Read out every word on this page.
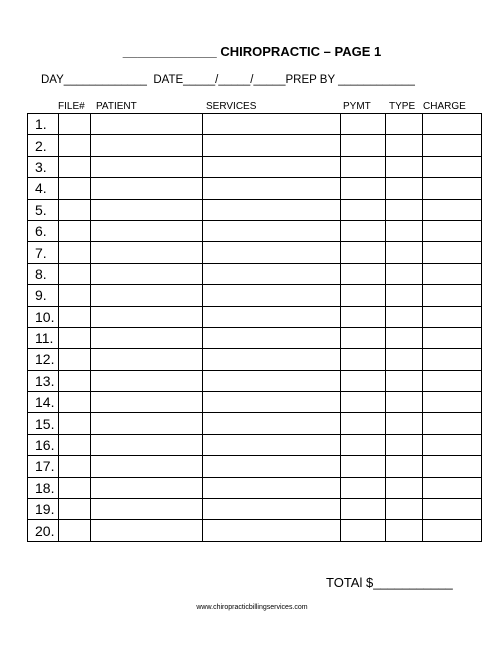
_____________ CHIROPRACTIC – PAGE 1
DAY_____________  DATE_____/_____/_____PREP BY ____________
FILE# PATIENT	SERVICES	PYMT TYPE CHARGE
1.						
2.						
3.						
4.						
5.						
6.						
7.						
8.						
9.						
10.						
11.						
12.						
13.						
14.						
15.						
16.						
17.						
18.						
19.						
20.						
TOTAl $___________
www.chiropracticbillingservices.com
